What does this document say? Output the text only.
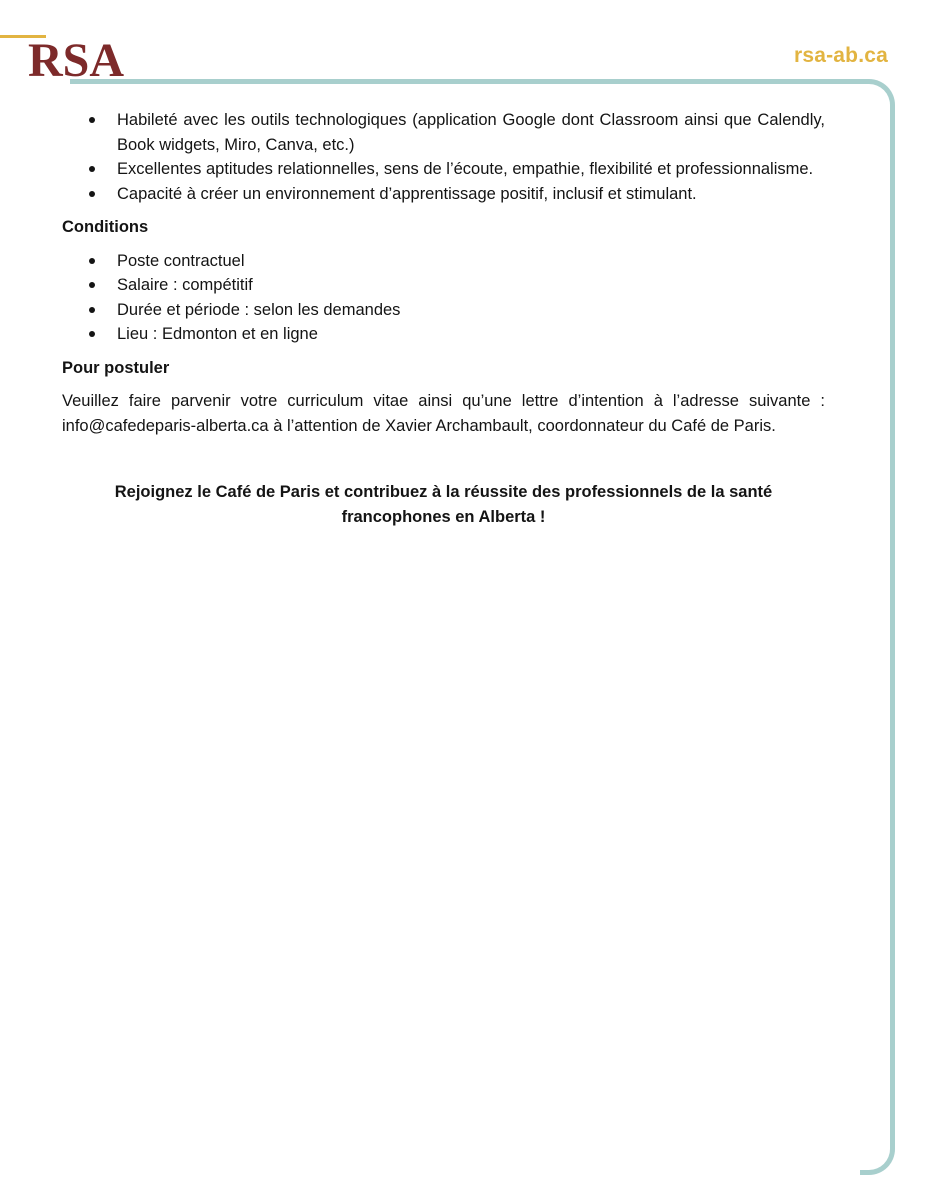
RSA	rsa-ab.ca
Habileté avec les outils technologiques (application Google dont Classroom ainsi que Calendly, Book widgets, Miro, Canva, etc.)
Excellentes aptitudes relationnelles, sens de l’écoute, empathie, flexibilité et professionnalisme.
Capacité à créer un environnement d’apprentissage positif, inclusif et stimulant.
Conditions
Poste contractuel
Salaire : compétitif
Durée et période : selon les demandes
Lieu : Edmonton et en ligne
Pour postuler

Veuillez faire parvenir votre curriculum vitae ainsi qu’une lettre d’intention à l’adresse suivante : info@cafedeparis-alberta.ca à l’attention de Xavier Archambault, coordonnateur du Café de Paris.

Rejoignez le Café de Paris et contribuez à la réussite des professionnels de la santé francophones en Alberta !
